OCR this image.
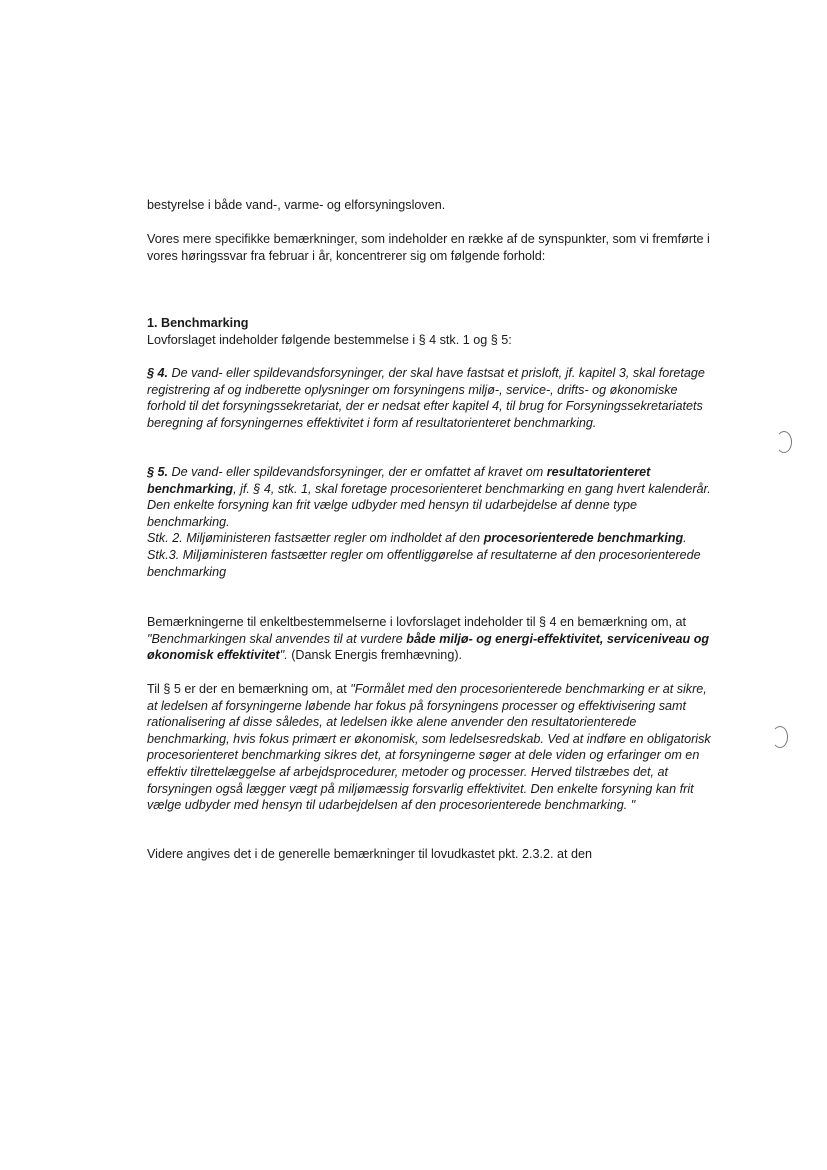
bestyrelse i både vand-, varme- og elforsyningsloven.

Vores mere specifikke bemærkninger, som indeholder en række af de synspunkter, som vi fremførte i vores høringssvar fra februar i år, koncentrerer sig om følgende forhold:

1. Benchmarking

Lovforslaget indeholder følgende bestemmelse i § 4 stk. 1 og § 5:

§ 4. De vand- eller spildevandsforsyninger, der skal have fastsat et prisloft, jf. kapitel 3, skal foretage registrering af og indberette oplysninger om forsyningens miljø-, service-, drifts- og økonomiske forhold til det forsyningssekretariat, der er nedsat efter kapitel 4, til brug for Forsyningssekretariatets beregning af forsyningernes effektivitet i form af resultatorienteret benchmarking.

§ 5. De vand- eller spildevandsforsyninger, der er omfattet af kravet om resultatorienteret benchmarking, jf. § 4, stk. 1, skal foretage procesorienteret benchmarking en gang hvert kalenderår. Den enkelte forsyning kan frit vælge udbyder med hensyn til udarbejdelse af denne type benchmarking.

Stk. 2. Miljøministeren fastsætter regler om indholdet af den procesorienterede benchmarking.

Stk.3. Miljøministeren fastsætter regler om offentliggørelse af resultaterne af den procesorienterede benchmarking

Bemærkningerne til enkeltbestemmelserne i lovforslaget indeholder til § 4 en bemærkning om, at "Benchmarkingen skal anvendes til at vurdere både miljø- og energi-effektivitet, serviceniveau og økonomisk effektivitet". (Dansk Energis fremhævning).

Til § 5 er der en bemærkning om, at "Formålet med den procesorienterede benchmarking er at sikre, at ledelsen af forsyningerne løbende har fokus på forsyningens processer og effektivisering samt rationalisering af disse således, at ledelsen ikke alene anvender den resultatorienterede benchmarking, hvis fokus primært er økonomisk, som ledelsesredskab. Ved at indføre en obligatorisk procesorienteret benchmarking sikres det, at forsyningerne søger at dele viden og erfaringer om en effektiv tilrettelæggelse af arbejdsprocedurer, metoder og processer. Herved tilstræbes det, at forsyningen også lægger vægt på miljømæssig forsvarlig effektivitet. Den enkelte forsyning kan frit vælge udbyder med hensyn til udarbejdelsen af den procesorienterede benchmarking. "

Videre angives det i de generelle bemærkninger til lovudkastet pkt. 2.3.2. at den
